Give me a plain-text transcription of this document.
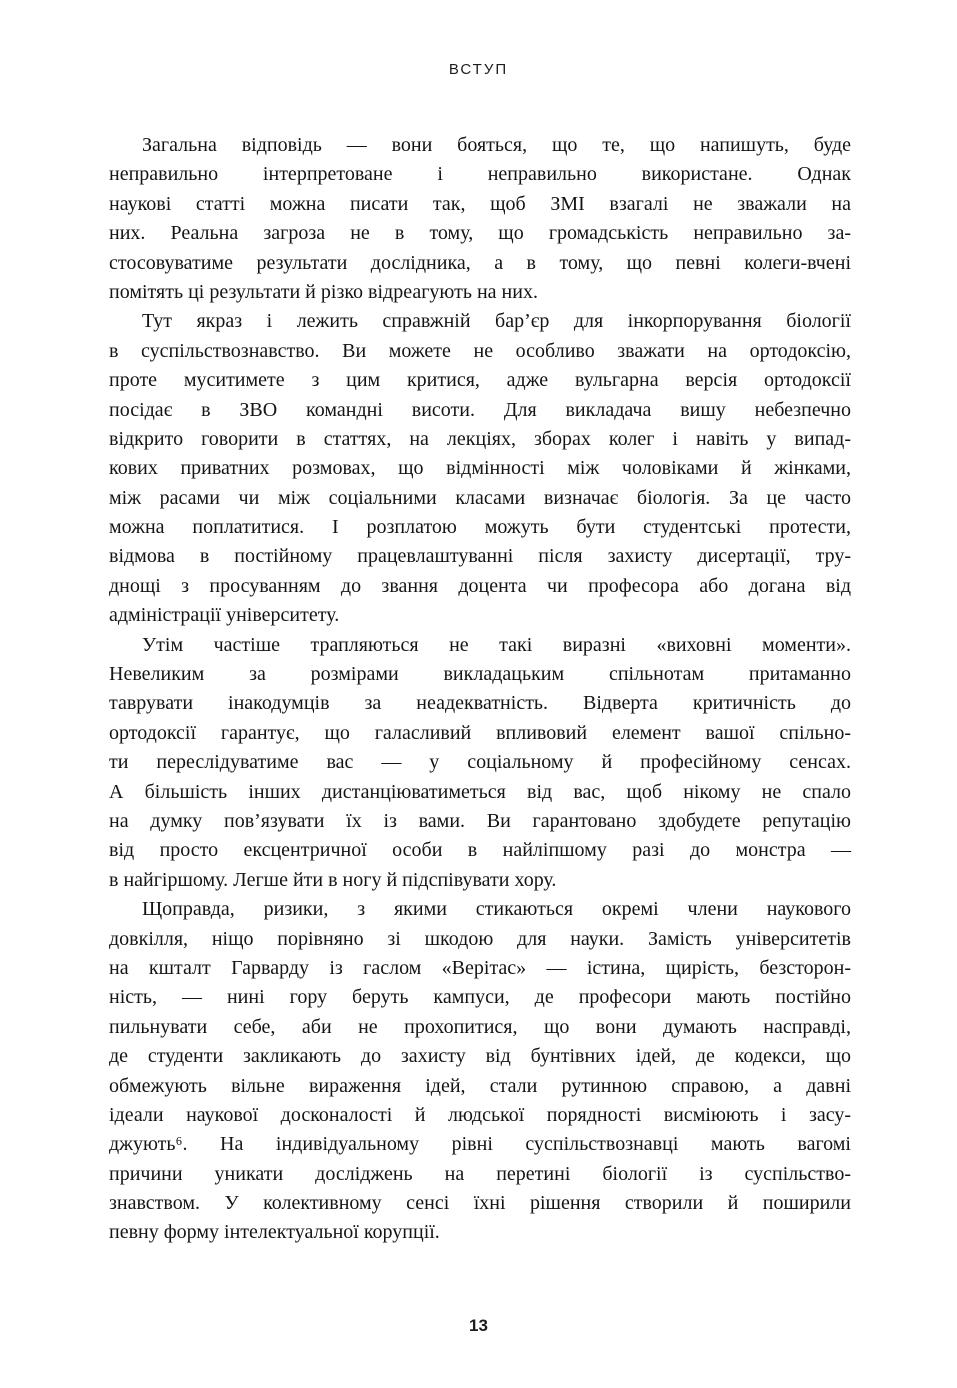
ВСТУП
Загальна відповідь — вони бояться, що те, що напишуть, буде
неправильно інтерпретоване і неправильно використане. Однак
наукові статті можна писати так, щоб ЗМІ взагалі не зважали на
них. Реальна загроза не в тому, що громадськість неправильно за-
стосовуватиме результати дослідника, а в тому, що певні колеги-вчені
помітять ці результати й різко відреагують на них.
Тут якраз і лежить справжній бар’єр для інкорпорування біології
в суспільствознавство. Ви можете не особливо зважати на ортодоксію,
проте муситимете з цим критися, адже вульгарна версія ортодоксії
посідає в ЗВО командні висоти. Для викладача вишу небезпечно
відкрито говорити в статтях, на лекціях, зборах колег і навіть у випад-
кових приватних розмовах, що відмінності між чоловіками й жінками,
між расами чи між соціальними класами визначає біологія. За це часто
можна поплатитися. І розплатою можуть бути студентські протести,
відмова в постійному працевлаштуванні після захисту дисертації, тру-
днощі з просуванням до звання доцента чи професора або догана від
адміністрації університету.
Утім частіше трапляються не такі виразні «виховні моменти».
Невеликим за розмірами викладацьким спільнотам притаманно
таврувати інакодумців за неадекватність. Відверта критичність до
ортодоксії гарантує, що галасливий впливовий елемент вашої спільно-
ти переслідуватиме вас — у соціальному й професійному сенсах.
А більшість інших дистанціюватиметься від вас, щоб нікому не спало
на думку пов’язувати їх із вами. Ви гарантовано здобудете репутацію
від просто ексцентричної особи в найліпшому разі до монстра —
в найгіршому. Легше йти в ногу й підспівувати хору.
Щоправда, ризики, з якими стикаються окремі члени наукового
довкілля, ніщо порівняно зі шкодою для науки. Замість університетів
на кшталт Гарварду із гаслом «Верітас» — істина, щирість, безсторон-
ність, — нині гору беруть кампуси, де професори мають постійно
пильнувати себе, аби не прохопитися, що вони думають насправді,
де студенти закликають до захисту від бунтівних ідей, де кодекси, що
обмежують вільне вираження ідей, стали рутинною справою, а давні
ідеали наукової досконалості й людської порядності висміюють і засу-
джують⁶. На індивідуальному рівні суспільствознавці мають вагомі
причини уникати досліджень на перетині біології із суспільство-
знавством. У колективному сенсі їхні рішення створили й поширили
певну форму інтелектуальної корупції.
13
